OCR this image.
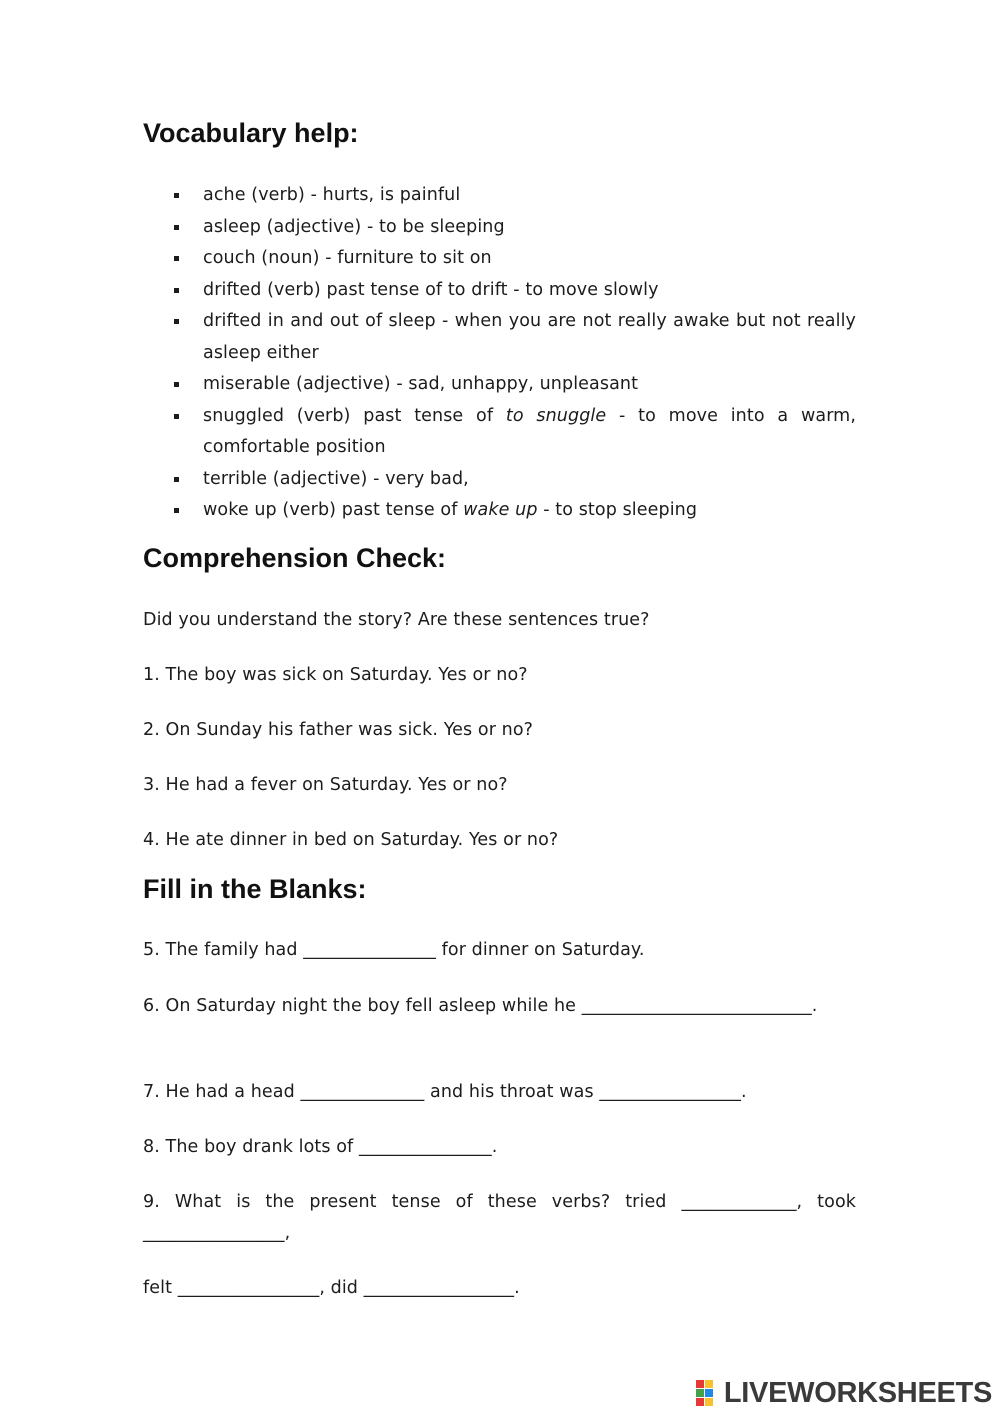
Vocabulary help:
ache (verb) - hurts, is painful
asleep (adjective) - to be sleeping
couch (noun) - furniture to sit on
drifted (verb) past tense of to drift - to move slowly
drifted in and out of sleep - when you are not really awake but not really asleep either
miserable (adjective) - sad, unhappy, unpleasant
snuggled (verb) past tense of to snuggle - to move into a warm, comfortable position
terrible (adjective) - very bad,
woke up (verb) past tense of wake up - to stop sleeping
Comprehension Check:

Did you understand the story? Are these sentences true?

1. The boy was sick on Saturday. Yes or no?

2. On Sunday his father was sick. Yes or no?

3. He had a fever on Saturday. Yes or no?

4. He ate dinner in bed on Saturday. Yes or no?

Fill in the Blanks:

5. The family had _______________ for dinner on Saturday.

6. On Saturday night the boy fell asleep while he __________________________.

7. He had a head ______________ and his throat was ________________.

8. The boy drank lots of _______________.

9. What is the present tense of these verbs? tried _____________, took ________________,

felt ________________, did _________________.

LIVEWORKSHEETS
